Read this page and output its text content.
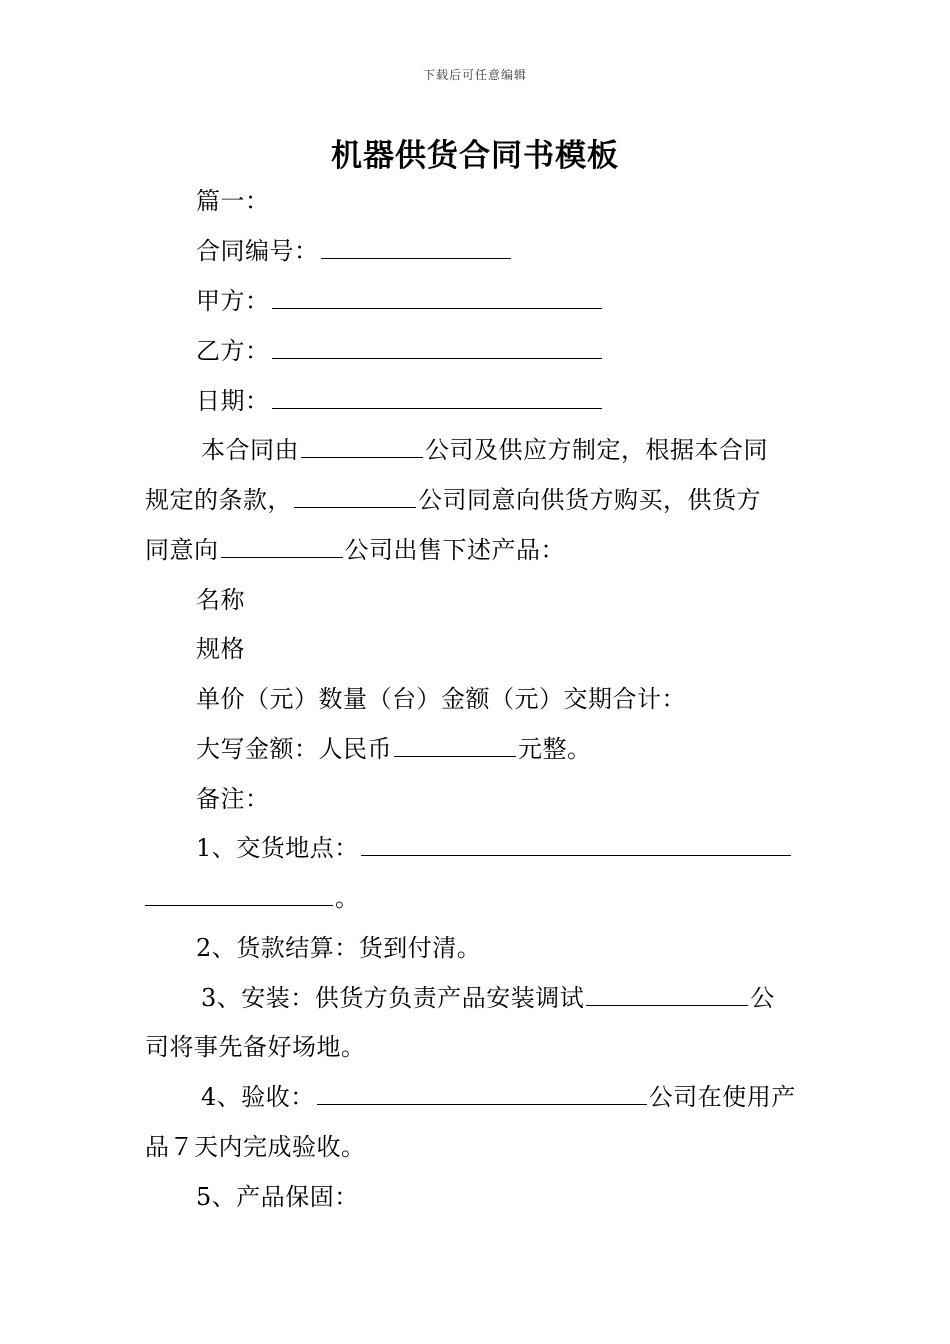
下载后可任意编辑
机器供货合同书模板
篇一：
合同编号：
甲方：
乙方：
日期：
本合同由	公司及供应方制定，根据本合同
规定的条款，	公司同意向供货方购买，供货方
同意向	公司出售下述产品：
名称
规格
单价（元）数量（台）金额（元）交期合计：
大写金额：人民币	元整。
备注：
1、交货地点：
。
2、货款结算：货到付清。
3、安装：供货方负责产品安装调试	公
司将事先备好场地。
4、验收：	公司在使用产
品７天内完成验收。
5、产品保固：
